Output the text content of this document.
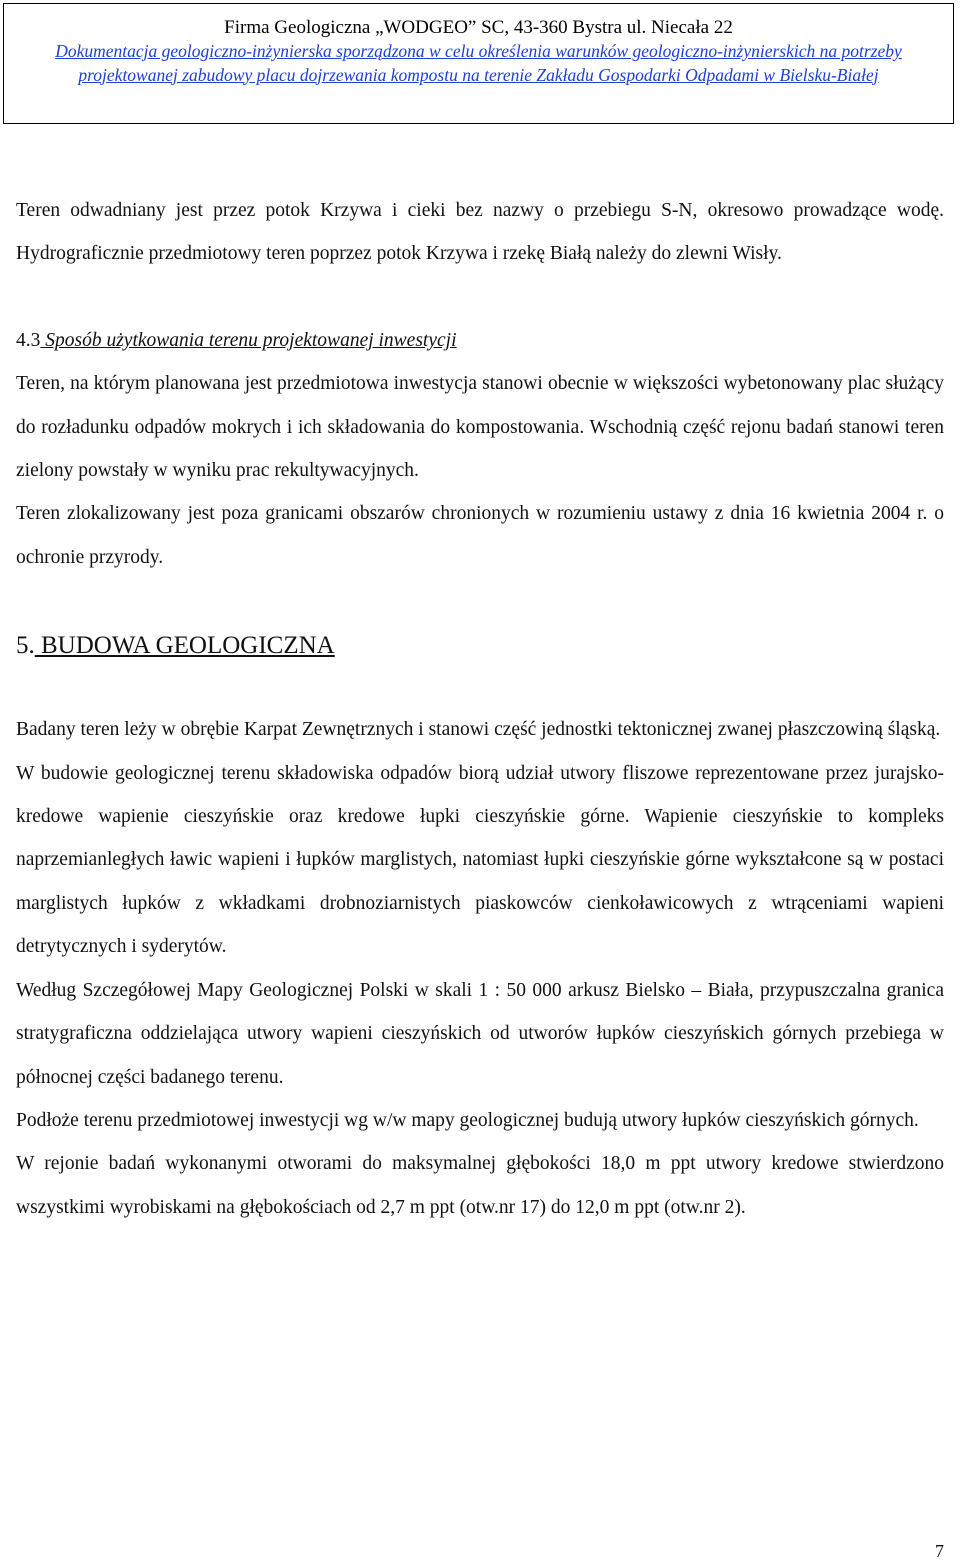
Firma Geologiczna „WODGEO” SC, 43-360 Bystra ul. Niecała 22
Dokumentacja geologiczno-inżynierska sporządzona w celu określenia warunków geologiczno-inżynierskich na potrzeby projektowanej zabudowy placu dojrzewania kompostu na terenie Zakładu Gospodarki Odpadami w Bielsku-Białej

Teren odwadniany jest przez potok Krzywa i cieki bez nazwy o przebiegu S-N, okresowo prowadzące wodę. Hydrograficznie przedmiotowy teren poprzez potok Krzywa i rzekę Białą należy do zlewni Wisły.

4.3 Sposób użytkowania terenu projektowanej inwestycji

Teren, na którym planowana jest przedmiotowa inwestycja stanowi obecnie w większości wybetonowany plac służący do rozładunku odpadów mokrych i ich składowania do kompostowania. Wschodnią część rejonu badań stanowi teren zielony powstały w wyniku prac rekultywacyjnych.

Teren zlokalizowany jest poza granicami obszarów chronionych w rozumieniu ustawy z dnia 16 kwietnia 2004 r. o ochronie przyrody.

5. BUDOWA GEOLOGICZNA

Badany teren leży w obrębie Karpat Zewnętrznych i stanowi część jednostki tektonicznej zwanej płaszczowiną śląską.

W budowie geologicznej terenu składowiska odpadów biorą udział utwory fliszowe reprezentowane przez jurajsko-kredowe wapienie cieszyńskie oraz kredowe łupki cieszyńskie górne. Wapienie cieszyńskie to kompleks naprzemianległych ławic wapieni i łupków marglistych, natomiast łupki cieszyńskie górne wykształcone są w postaci marglistych łupków z wkładkami drobnoziarnistych piaskowców cienkoławicowych z wtrąceniami wapieni detrytycznych i syderytów.

Według Szczegółowej Mapy Geologicznej Polski w skali 1 : 50 000 arkusz Bielsko – Biała, przypuszczalna granica stratygraficzna oddzielająca utwory wapieni cieszyńskich od utworów łupków cieszyńskich górnych przebiega w północnej części badanego terenu.

Podłoże terenu przedmiotowej inwestycji wg w/w mapy geologicznej budują utwory łupków cieszyńskich górnych.

W rejonie badań wykonanymi otworami do maksymalnej głębokości 18,0 m ppt utwory kredowe stwierdzono wszystkimi wyrobiskami na głębokościach od 2,7 m ppt (otw.nr 17) do 12,0 m ppt (otw.nr 2).

7
